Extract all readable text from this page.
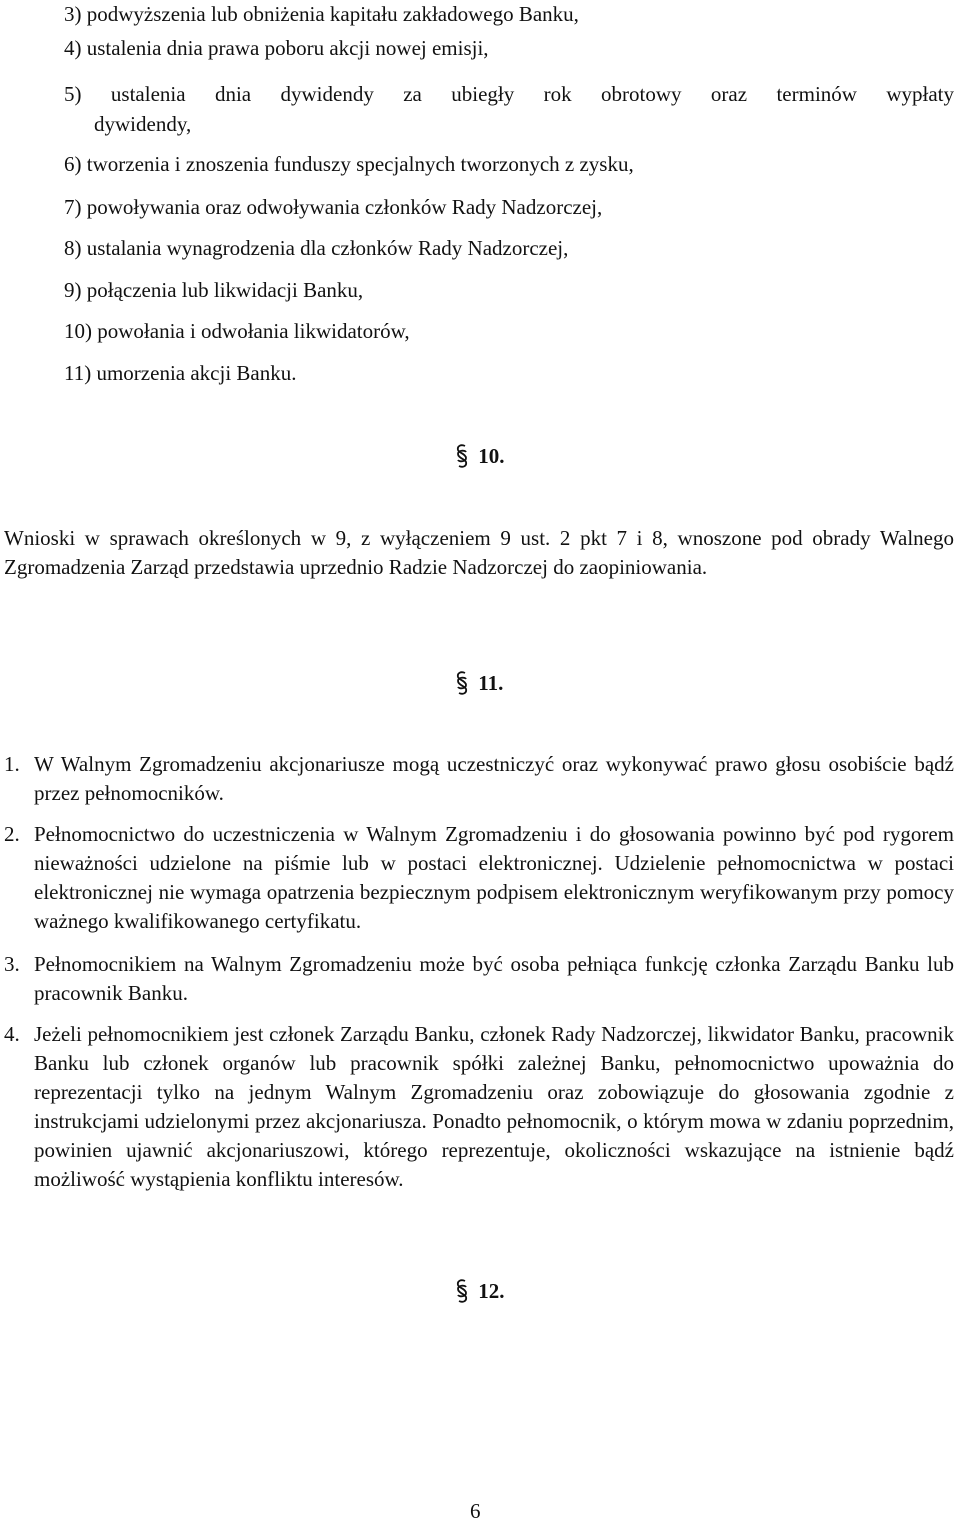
3) podwyższenia lub obniżenia kapitału zakładowego Banku,
4) ustalenia dnia prawa poboru akcji nowej emisji,
5) ustalenia dnia dywidendy za ubiegły rok obrotowy oraz terminów wypłaty
dywidendy,
6) tworzenia i znoszenia funduszy specjalnych tworzonych z zysku,
7) powoływania oraz odwoływania członków Rady Nadzorczej,
8) ustalania wynagrodzenia dla członków Rady Nadzorczej,
9) połączenia lub likwidacji Banku,
10) powołania i odwołania likwidatorów,
11) umorzenia akcji Banku.
10.
Wnioski w sprawach określonych w 9, z wyłączeniem 9 ust. 2 pkt 7 i 8, wnoszone pod obrady Walnego Zgromadzenia Zarząd przedstawia uprzednio Radzie Nadzorczej do zaopiniowania.
11.
1. W Walnym Zgromadzeniu akcjonariusze mogą uczestniczyć oraz wykonywać prawo głosu osobiście bądź przez pełnomocników.
2. Pełnomocnictwo do uczestniczenia w Walnym Zgromadzeniu i do głosowania powinno być pod rygorem nieważności udzielone na piśmie lub w postaci elektronicznej. Udzielenie pełnomocnictwa w postaci elektronicznej nie wymaga opatrzenia bezpiecznym podpisem elektronicznym weryfikowanym przy pomocy ważnego kwalifikowanego certyfikatu.
3. Pełnomocnikiem na Walnym Zgromadzeniu może być osoba pełniąca funkcję członka Zarządu Banku lub pracownik Banku.
4. Jeżeli pełnomocnikiem jest członek Zarządu Banku, członek Rady Nadzorczej, likwidator Banku, pracownik Banku lub członek organów lub pracownik spółki zależnej Banku, pełnomocnictwo upoważnia do reprezentacji tylko na jednym Walnym Zgromadzeniu oraz zobowiązuje do głosowania zgodnie z instrukcjami udzielonymi przez akcjonariusza. Ponadto pełnomocnik, o którym mowa w zdaniu poprzednim, powinien ujawnić akcjonariuszowi, którego reprezentuje, okoliczności wskazujące na istnienie bądź możliwość wystąpienia konfliktu interesów.
12.
6
